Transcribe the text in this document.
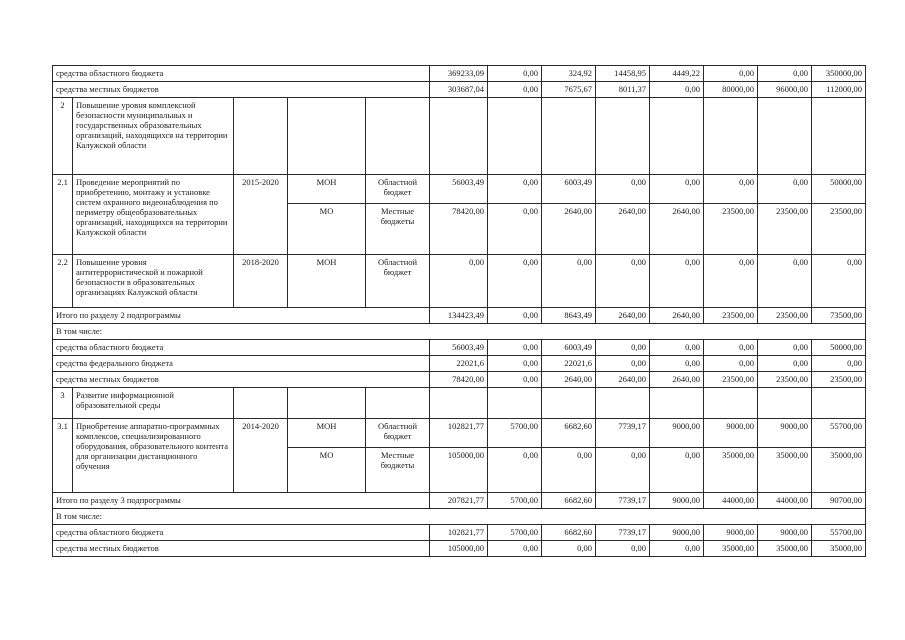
средства областного бюджета					369233,09	0,00	324,92	14458,95	4449,22	0,00	0,00	350000,00
средства местных бюджетов					303687,04	0,00	7675,67	8011,37	0,00	80000,00	96000,00	112000,00
2	Повышение уровня комплексной безопасности муниципальных и государственных образовательных организаций, находящихся на территории Калужской области											
2.1	Проведение мероприятий по приобретению, монтажу и установке систем охранного видеонаблюдения по периметру общеобразовательных организаций, находящихся на территории Калужской области	2015-2020	МОН	Областной бюджет	56003,49	0,00	6003,49	0,00	0,00	0,00	0,00	50000,00
			МО	Местные бюджеты	78420,00	0,00	2640,00	2640,00	2640,00	23500,00	23500,00	23500,00
2.2	Повышение уровня антитеррористической и пожарной безопасности в образовательных организациях Калужской области	2018-2020	МОН	Областной бюджет	0,00	0,00	0,00	0,00	0,00	0,00	0,00	0,00
Итого по разделу 2 подпрограммы					134423,49	0,00	8643,49	2640,00	2640,00	23500,00	23500,00	73500,00
В том числе:												
средства областного бюджета					56003,49	0,00	6003,49	0,00	0,00	0,00	0,00	50000,00
средства федерального бюджета					22021,6	0,00	22021,6	0,00	0,00	0,00	0,00	0,00
средства местных бюджетов					78420,00	0,00	2640,00	2640,00	2640,00	23500,00	23500,00	23500,00
3	Развитие информационной образовательной среды											
3.1	Приобретение аппаратно-программных комплексов, специализированного оборудования, образовательного контента для организации дистанционного обучения	2014-2020	МОН	Областной бюджет	102821,77	5700,00	6682,60	7739,17	9000,00	9000,00	9000,00	55700,00
			МО	Местные бюджеты	105000,00	0,00	0,00	0,00	0,00	35000,00	35000,00	35000,00
Итого по разделу 3 подпрограммы					207821,77	5700,00	6682,60	7739,17	9000,00	44000,00	44000,00	90700,00
В том числе:												
средства областного бюджета					102821,77	5700,00	6682,60	7739,17	9000,00	9000,00	9000,00	55700,00
средства местных бюджетов					105000,00	0,00	0,00	0,00	0,00	35000,00	35000,00	35000,00
